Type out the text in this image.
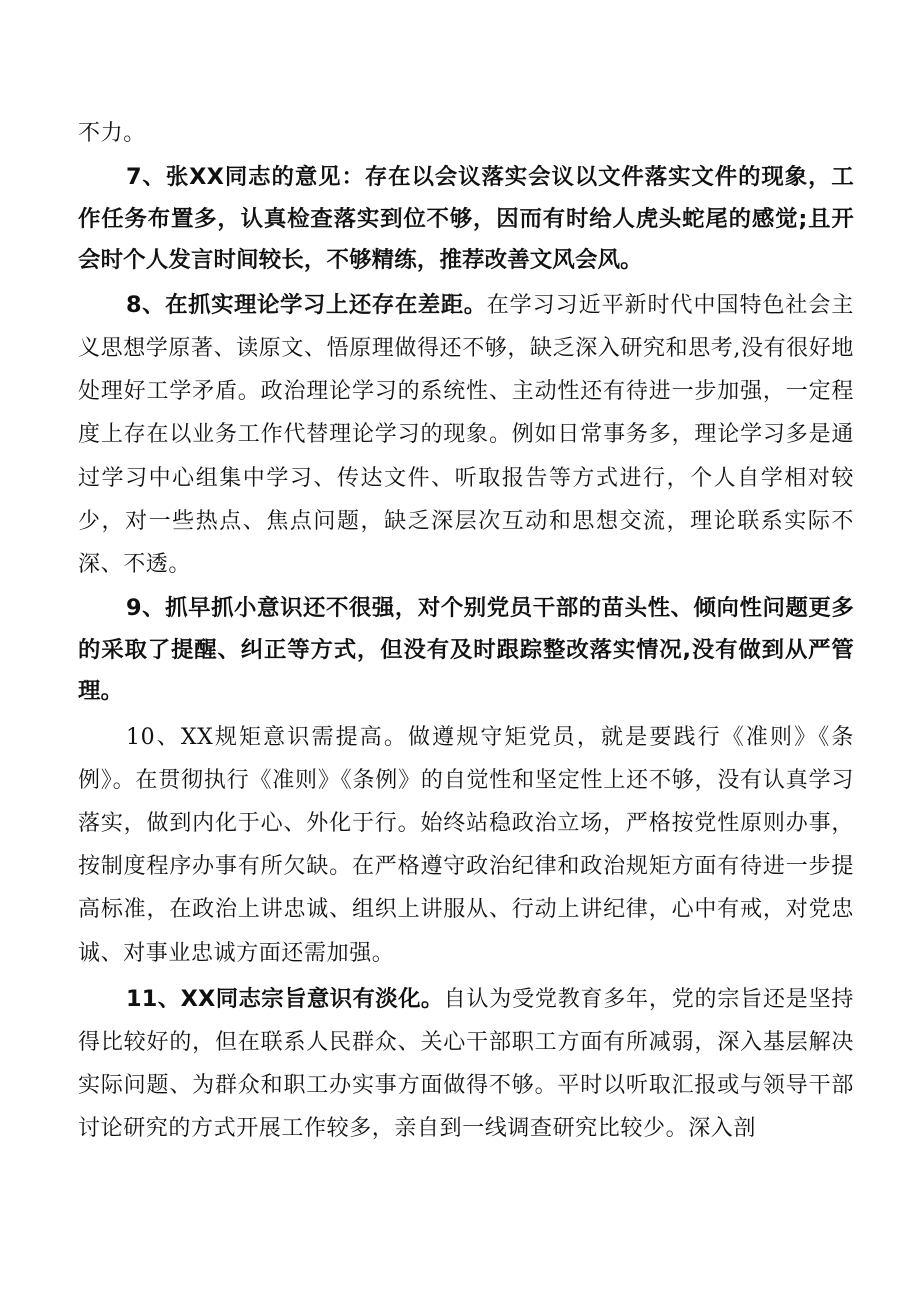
不力。

7、张XX同志的意见：存在以会议落实会议以文件落实文件的现象，工作任务布置多，认真检查落实到位不够，因而有时给人虎头蛇尾的感觉;且开会时个人发言时间较长，不够精练，推荐改善文风会风。

8、在抓实理论学习上还存在差距。在学习习近平新时代中国特色社会主义思想学原著、读原文、悟原理做得还不够，缺乏深入研究和思考,没有很好地处理好工学矛盾。政治理论学习的系统性、主动性还有待进一步加强，一定程度上存在以业务工作代替理论学习的现象。例如日常事务多，理论学习多是通过学习中心组集中学习、传达文件、听取报告等方式进行，个人自学相对较少，对一些热点、焦点问题，缺乏深层次互动和思想交流，理论联系实际不深、不透。

9、抓早抓小意识还不很强，对个别党员干部的苗头性、倾向性问题更多的采取了提醒、纠正等方式，但没有及时跟踪整改落实情况,没有做到从严管理。

10、XX规矩意识需提高。做遵规守矩党员，就是要践行《准则》《条例》。在贯彻执行《准则》《条例》的自觉性和坚定性上还不够，没有认真学习落实，做到内化于心、外化于行。始终站稳政治立场，严格按党性原则办事，按制度程序办事有所欠缺。在严格遵守政治纪律和政治规矩方面有待进一步提高标准，在政治上讲忠诚、组织上讲服从、行动上讲纪律，心中有戒，对党忠诚、对事业忠诚方面还需加强。

11、XX同志宗旨意识有淡化。自认为受党教育多年，党的宗旨还是坚持得比较好的，但在联系人民群众、关心干部职工方面有所减弱，深入基层解决实际问题、为群众和职工办实事方面做得不够。平时以听取汇报或与领导干部讨论研究的方式开展工作较多，亲自到一线调查研究比较少。深入剖
